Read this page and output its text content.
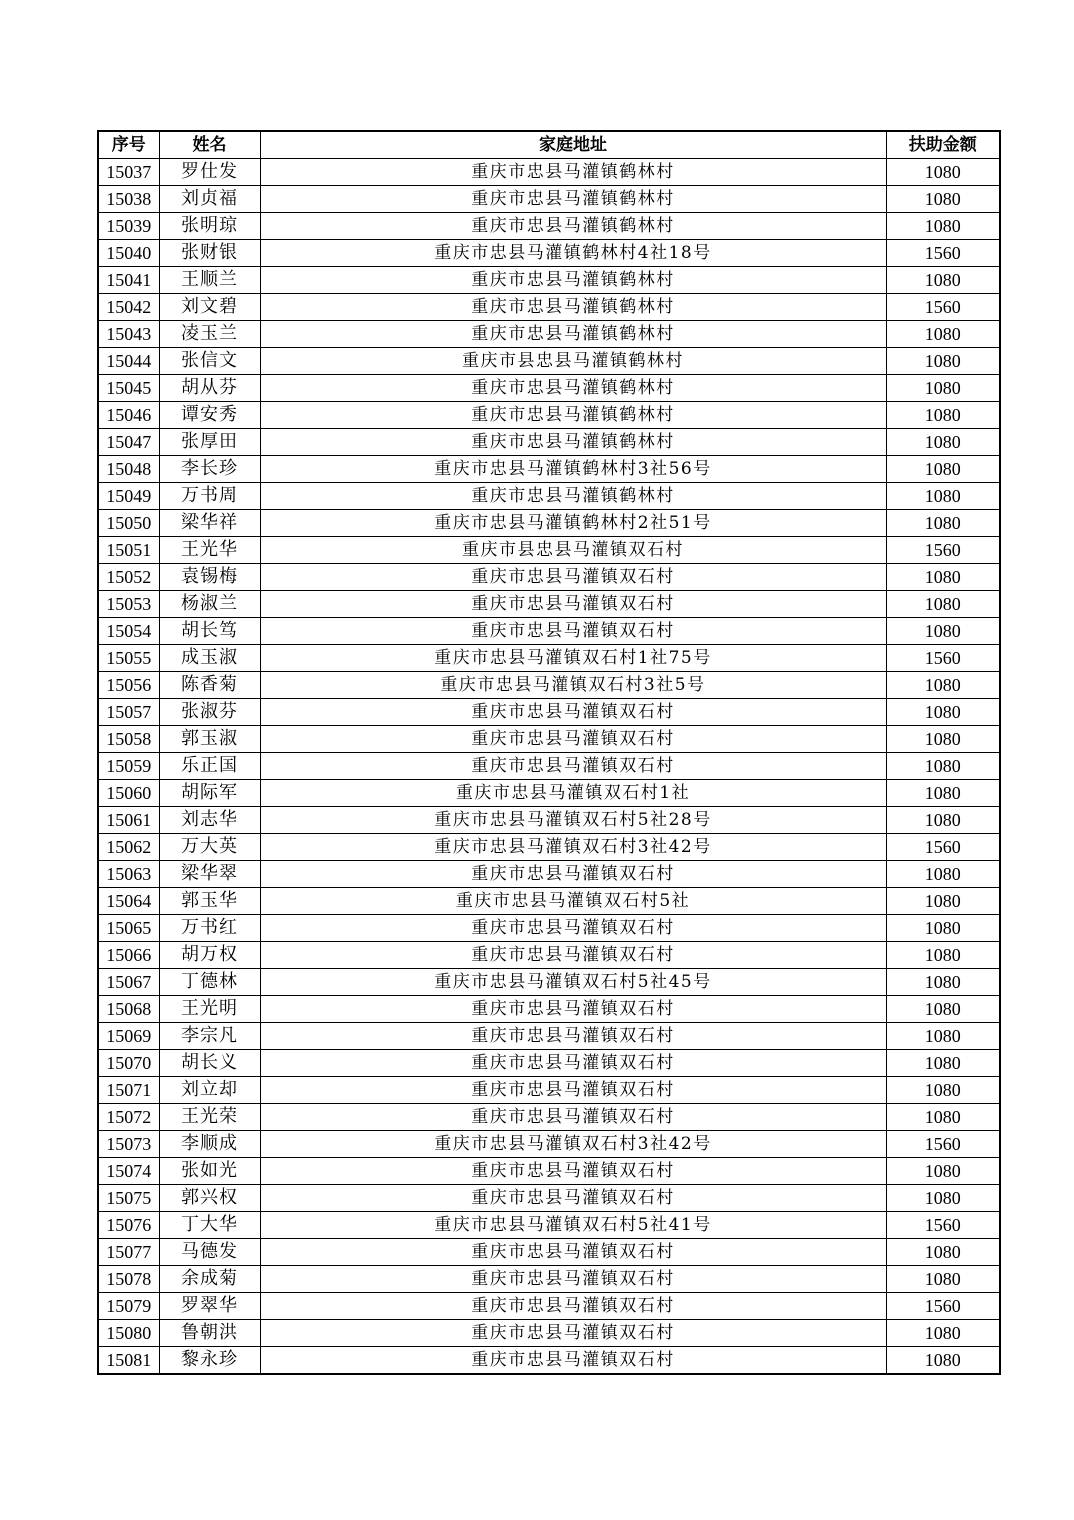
序号	姓名	家庭地址	扶助金额
15037	罗仕发	重庆市忠县马灌镇鹤林村	1080
15038	刘贞福	重庆市忠县马灌镇鹤林村	1080
15039	张明琼	重庆市忠县马灌镇鹤林村	1080
15040	张财银	重庆市忠县马灌镇鹤林村4社18号	1560
15041	王顺兰	重庆市忠县马灌镇鹤林村	1080
15042	刘文碧	重庆市忠县马灌镇鹤林村	1560
15043	凌玉兰	重庆市忠县马灌镇鹤林村	1080
15044	张信文	重庆市县忠县马灌镇鹤林村	1080
15045	胡从芬	重庆市忠县马灌镇鹤林村	1080
15046	谭安秀	重庆市忠县马灌镇鹤林村	1080
15047	张厚田	重庆市忠县马灌镇鹤林村	1080
15048	李长珍	重庆市忠县马灌镇鹤林村3社56号	1080
15049	万书周	重庆市忠县马灌镇鹤林村	1080
15050	梁华祥	重庆市忠县马灌镇鹤林村2社51号	1080
15051	王光华	重庆市县忠县马灌镇双石村	1560
15052	袁锡梅	重庆市忠县马灌镇双石村	1080
15053	杨淑兰	重庆市忠县马灌镇双石村	1080
15054	胡长笃	重庆市忠县马灌镇双石村	1080
15055	成玉淑	重庆市忠县马灌镇双石村1社75号	1560
15056	陈香菊	重庆市忠县马灌镇双石村3社5号	1080
15057	张淑芬	重庆市忠县马灌镇双石村	1080
15058	郭玉淑	重庆市忠县马灌镇双石村	1080
15059	乐正国	重庆市忠县马灌镇双石村	1080
15060	胡际军	重庆市忠县马灌镇双石村1社	1080
15061	刘志华	重庆市忠县马灌镇双石村5社28号	1080
15062	万大英	重庆市忠县马灌镇双石村3社42号	1560
15063	梁华翠	重庆市忠县马灌镇双石村	1080
15064	郭玉华	重庆市忠县马灌镇双石村5社	1080
15065	万书红	重庆市忠县马灌镇双石村	1080
15066	胡万权	重庆市忠县马灌镇双石村	1080
15067	丁德林	重庆市忠县马灌镇双石村5社45号	1080
15068	王光明	重庆市忠县马灌镇双石村	1080
15069	李宗凡	重庆市忠县马灌镇双石村	1080
15070	胡长义	重庆市忠县马灌镇双石村	1080
15071	刘立却	重庆市忠县马灌镇双石村	1080
15072	王光荣	重庆市忠县马灌镇双石村	1080
15073	李顺成	重庆市忠县马灌镇双石村3社42号	1560
15074	张如光	重庆市忠县马灌镇双石村	1080
15075	郭兴权	重庆市忠县马灌镇双石村	1080
15076	丁大华	重庆市忠县马灌镇双石村5社41号	1560
15077	马德发	重庆市忠县马灌镇双石村	1080
15078	余成菊	重庆市忠县马灌镇双石村	1080
15079	罗翠华	重庆市忠县马灌镇双石村	1560
15080	鲁朝洪	重庆市忠县马灌镇双石村	1080
15081	黎永珍	重庆市忠县马灌镇双石村	1080
